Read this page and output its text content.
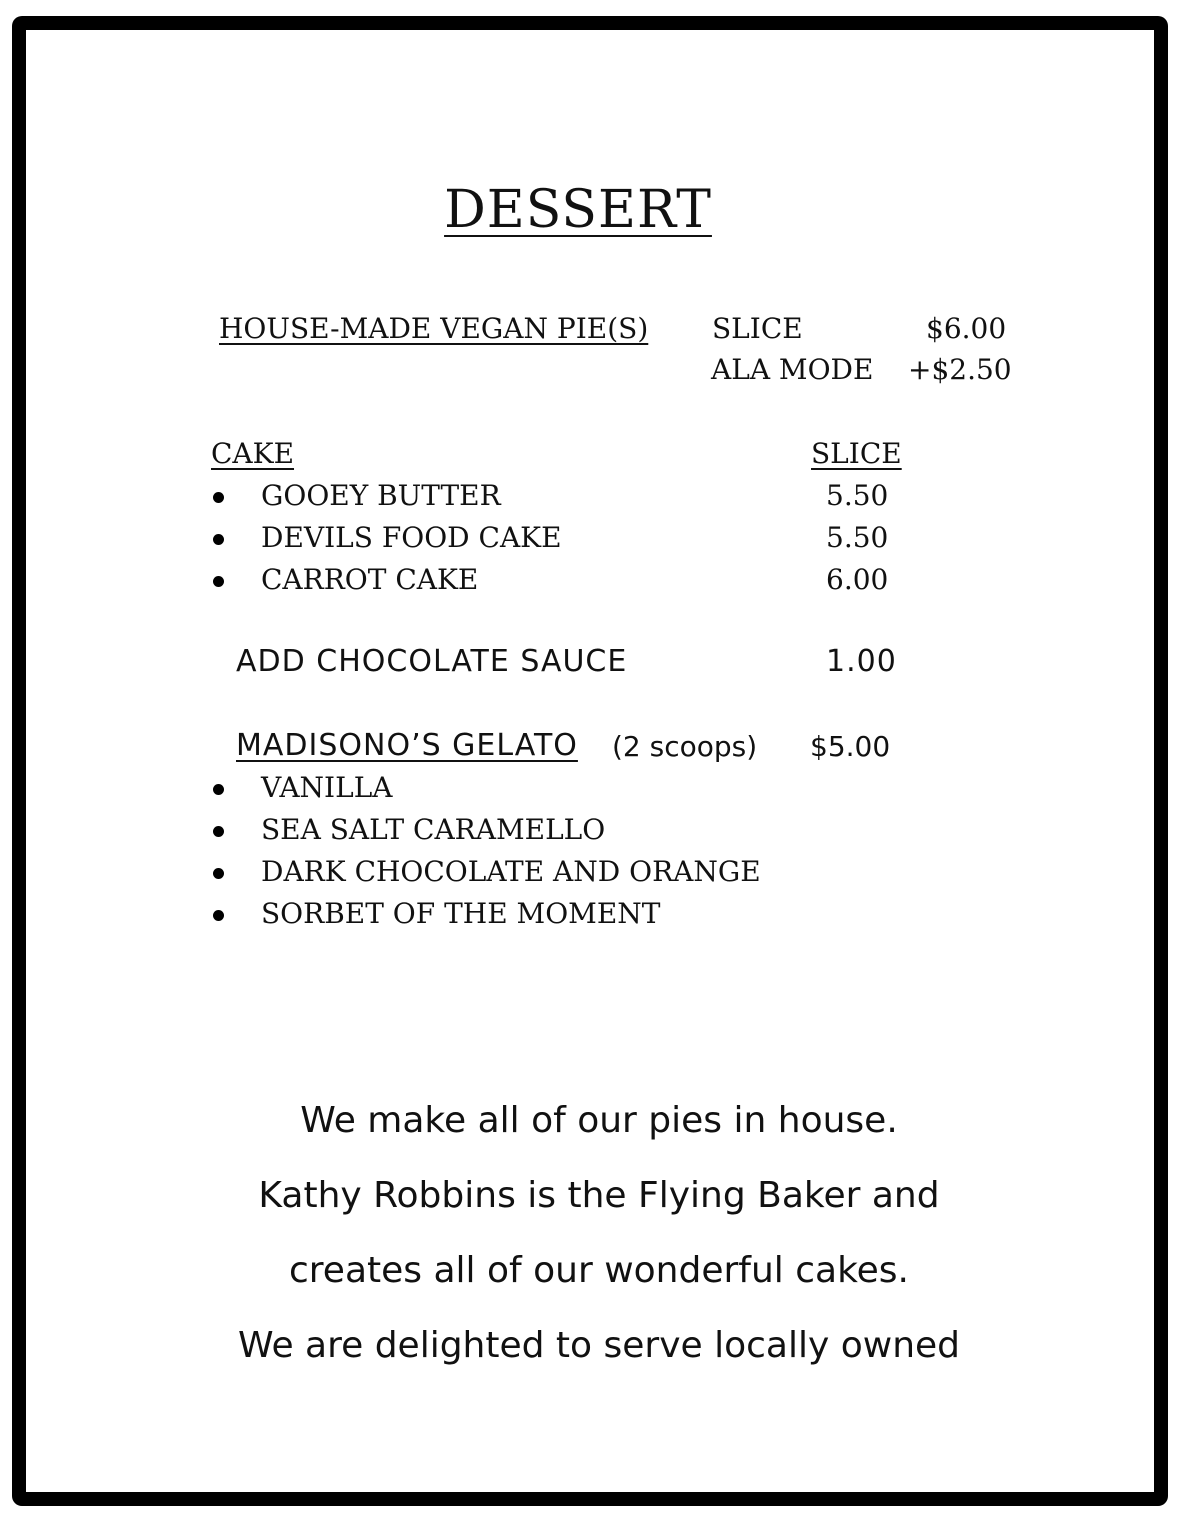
DESSERT
HOUSE-MADE VEGAN PIE(S) SLICE	$6.00
ALA MODE +$2.50
CAKE	SLICE
GOOEY BUTTER	5.50
DEVILS FOOD CAKE	5.50
CARROT CAKE	6.00
ADD CHOCOLATE SAUCE	1.00
MADISONO’S GELATO (2 scoops) $5.00
VANILLA
SEA SALT CARAMELLO
DARK CHOCOLATE AND ORANGE
SORBET OF THE MOMENT
We make all of our pies in house.
Kathy Robbins is the Flying Baker and
creates all of our wonderful cakes.
We are delighted to serve locally owned
